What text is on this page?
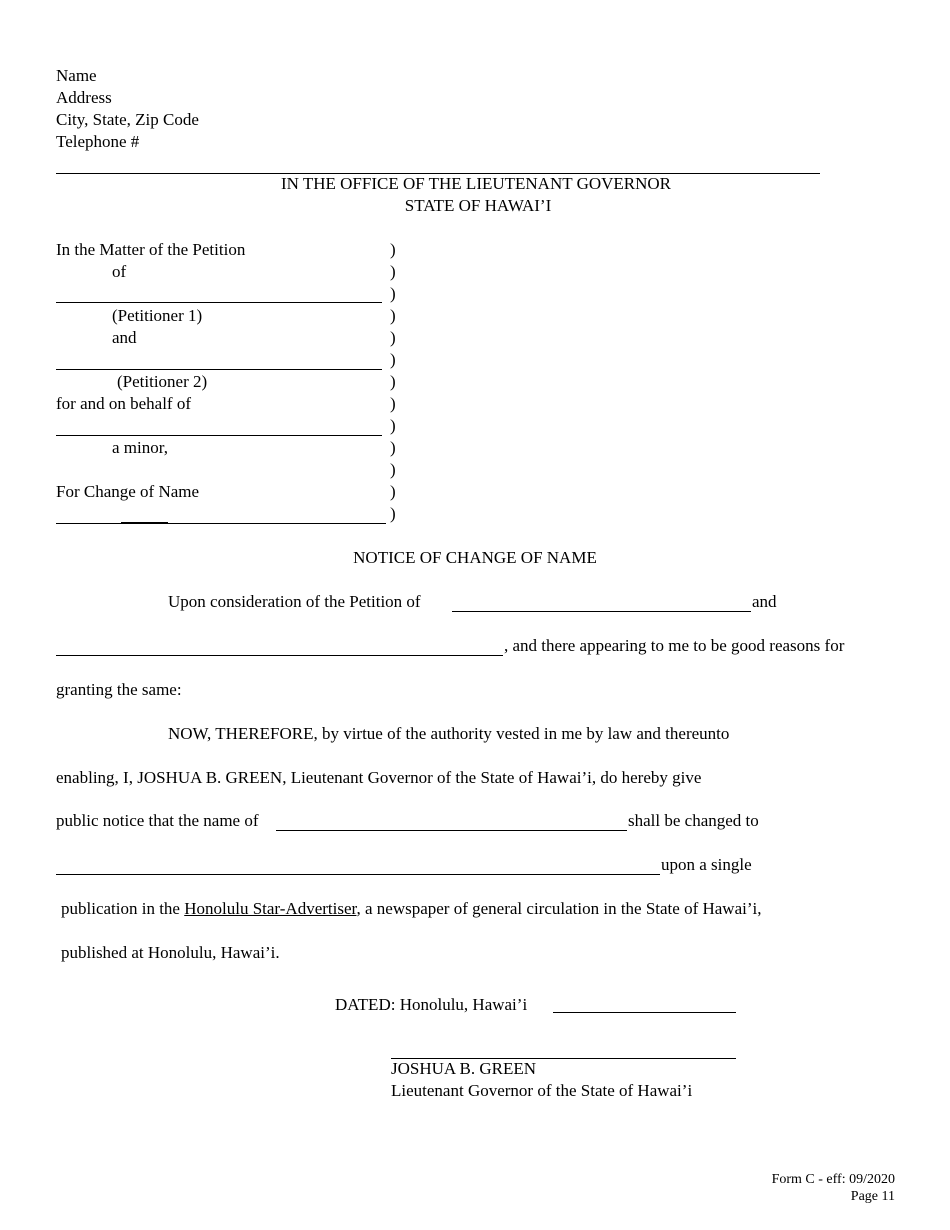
Name
Address
City, State, Zip Code
Telephone #
IN THE OFFICE OF THE LIEUTENANT GOVERNOR
STATE OF HAWAI’I
In the Matter of the Petition
of
(Petitioner 1)
and
(Petitioner 2)
for and on behalf of
a minor,
For Change of Name
)
)
)
)
)
)
)
)
)
)
)
)
)
NOTICE OF CHANGE OF NAME
Upon consideration of the Petition of	and
, and there appearing to me to be good reasons for
granting the same:
NOW, THEREFORE, by virtue of the authority vested in me by law and thereunto
enabling, I, JOSHUA B. GREEN, Lieutenant Governor of the State of Hawai’i, do hereby give
public notice that the name of	shall be changed to
upon a single
publication in the Honolulu Star-Advertiser, a newspaper of general circulation in the State of Hawai’i,
published at Honolulu, Hawai’i.
DATED: Honolulu, Hawai’i
JOSHUA B. GREEN
Lieutenant Governor of the State of Hawai’i
Form C - eff: 09/2020
Page 11
